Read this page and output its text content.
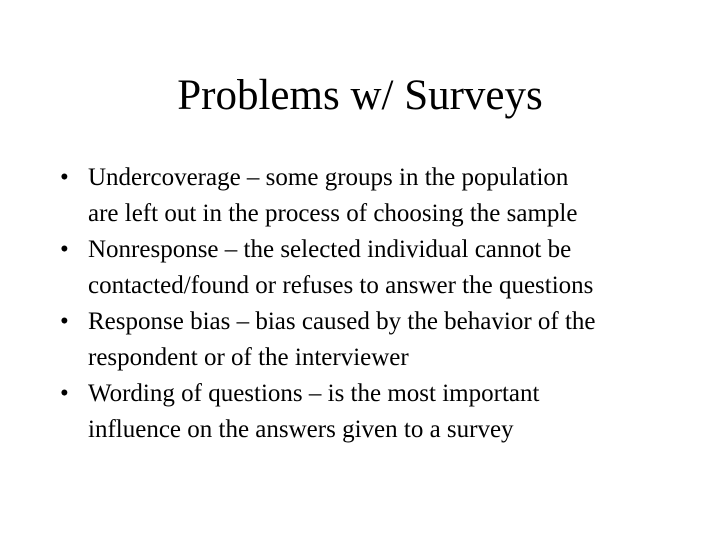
Problems w/ Surveys
• Undercoverage – some groups in the population
are left out in the process of choosing the sample
• Nonresponse – the selected individual cannot be
contacted/found or refuses to answer the questions
• Response bias – bias caused by the behavior of the
respondent or of the interviewer
• Wording of questions – is the most important
influence on the answers given to a survey
